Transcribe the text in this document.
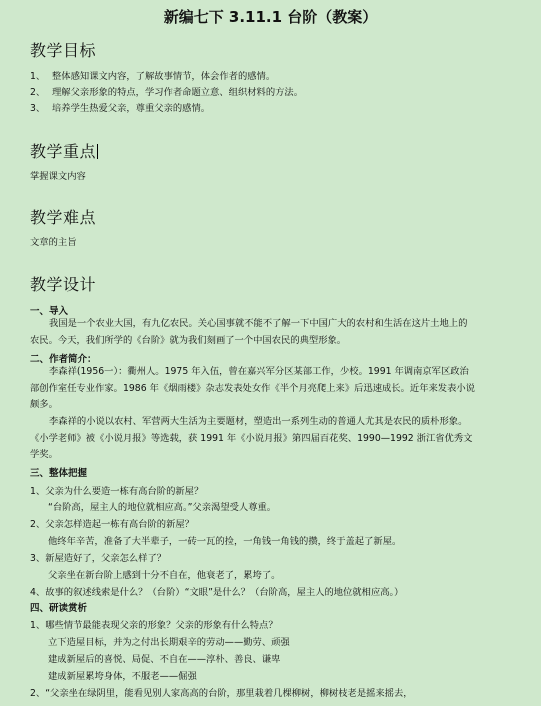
新编七下 3.11.1 台阶（教案）
教学目标
1、 整体感知课文内容，了解故事情节，体会作者的感情。
2、 理解父亲形象的特点，学习作者命题立意、组织材料的方法。
3、 培养学生热爱父亲，尊重父亲的感情。
教学重点
掌握课文内容
教学难点
文章的主旨
教学设计
一、导入
我国是一个农业大国，有九亿农民。关心国事就不能不了解一下中国广大的农村和生活在这片土地上的农民。今天，我们所学的《台阶》就为我们刻画了一个中国农民的典型形象。
二、作者简介：
李森祥(1956一）：衢州人。1975 年入伍，曾在嘉兴军分区某部工作，少校。1991 年调南京军区政治部创作室任专业作家。1986 年《烟雨楼》杂志发表处女作《半个月亮爬上来》后迅速成长。近年来发表小说颇多。
李森祥的小说以农村、军营两大生活为主要题材，塑造出一系列生动的普通人尤其是农民的质朴形象。《小学老师》被《小说月报》等选载，获 1991 年《小说月报》第四届百花奖、1990—1992 浙江省优秀文学奖。
三、整体把握
1、父亲为什么要造一栋有高台阶的新屋？
“台阶高，屋主人的地位就相应高。”父亲渴望受人尊重。
2、父亲怎样造起一栋有高台阶的新屋？
他终年辛苦，准备了大半辈子，一砖一瓦的捡，一角钱一角钱的攒，终于盖起了新屋。
3、新屋造好了，父亲怎么样了？
父亲坐在新台阶上感到十分不自在，他衰老了，累垮了。
4、故事的叙述线索是什么？（台阶）“文眼”是什么？（台阶高，屋主人的地位就相应高。）
四、研读赏析
1、哪些情节最能表现父亲的形象？父亲的形象有什么特点？
立下造屋目标，并为之付出长期艰辛的劳动——勤劳、顽强
建成新屋后的喜悦、局促、不自在——淳朴、善良、谦卑
建成新屋累垮身体，不服老——倔强
2、“父亲坐在绿阴里，能看见别人家高高的台阶，那里栽着几棵柳树，柳树枝老是摇来摇去，
